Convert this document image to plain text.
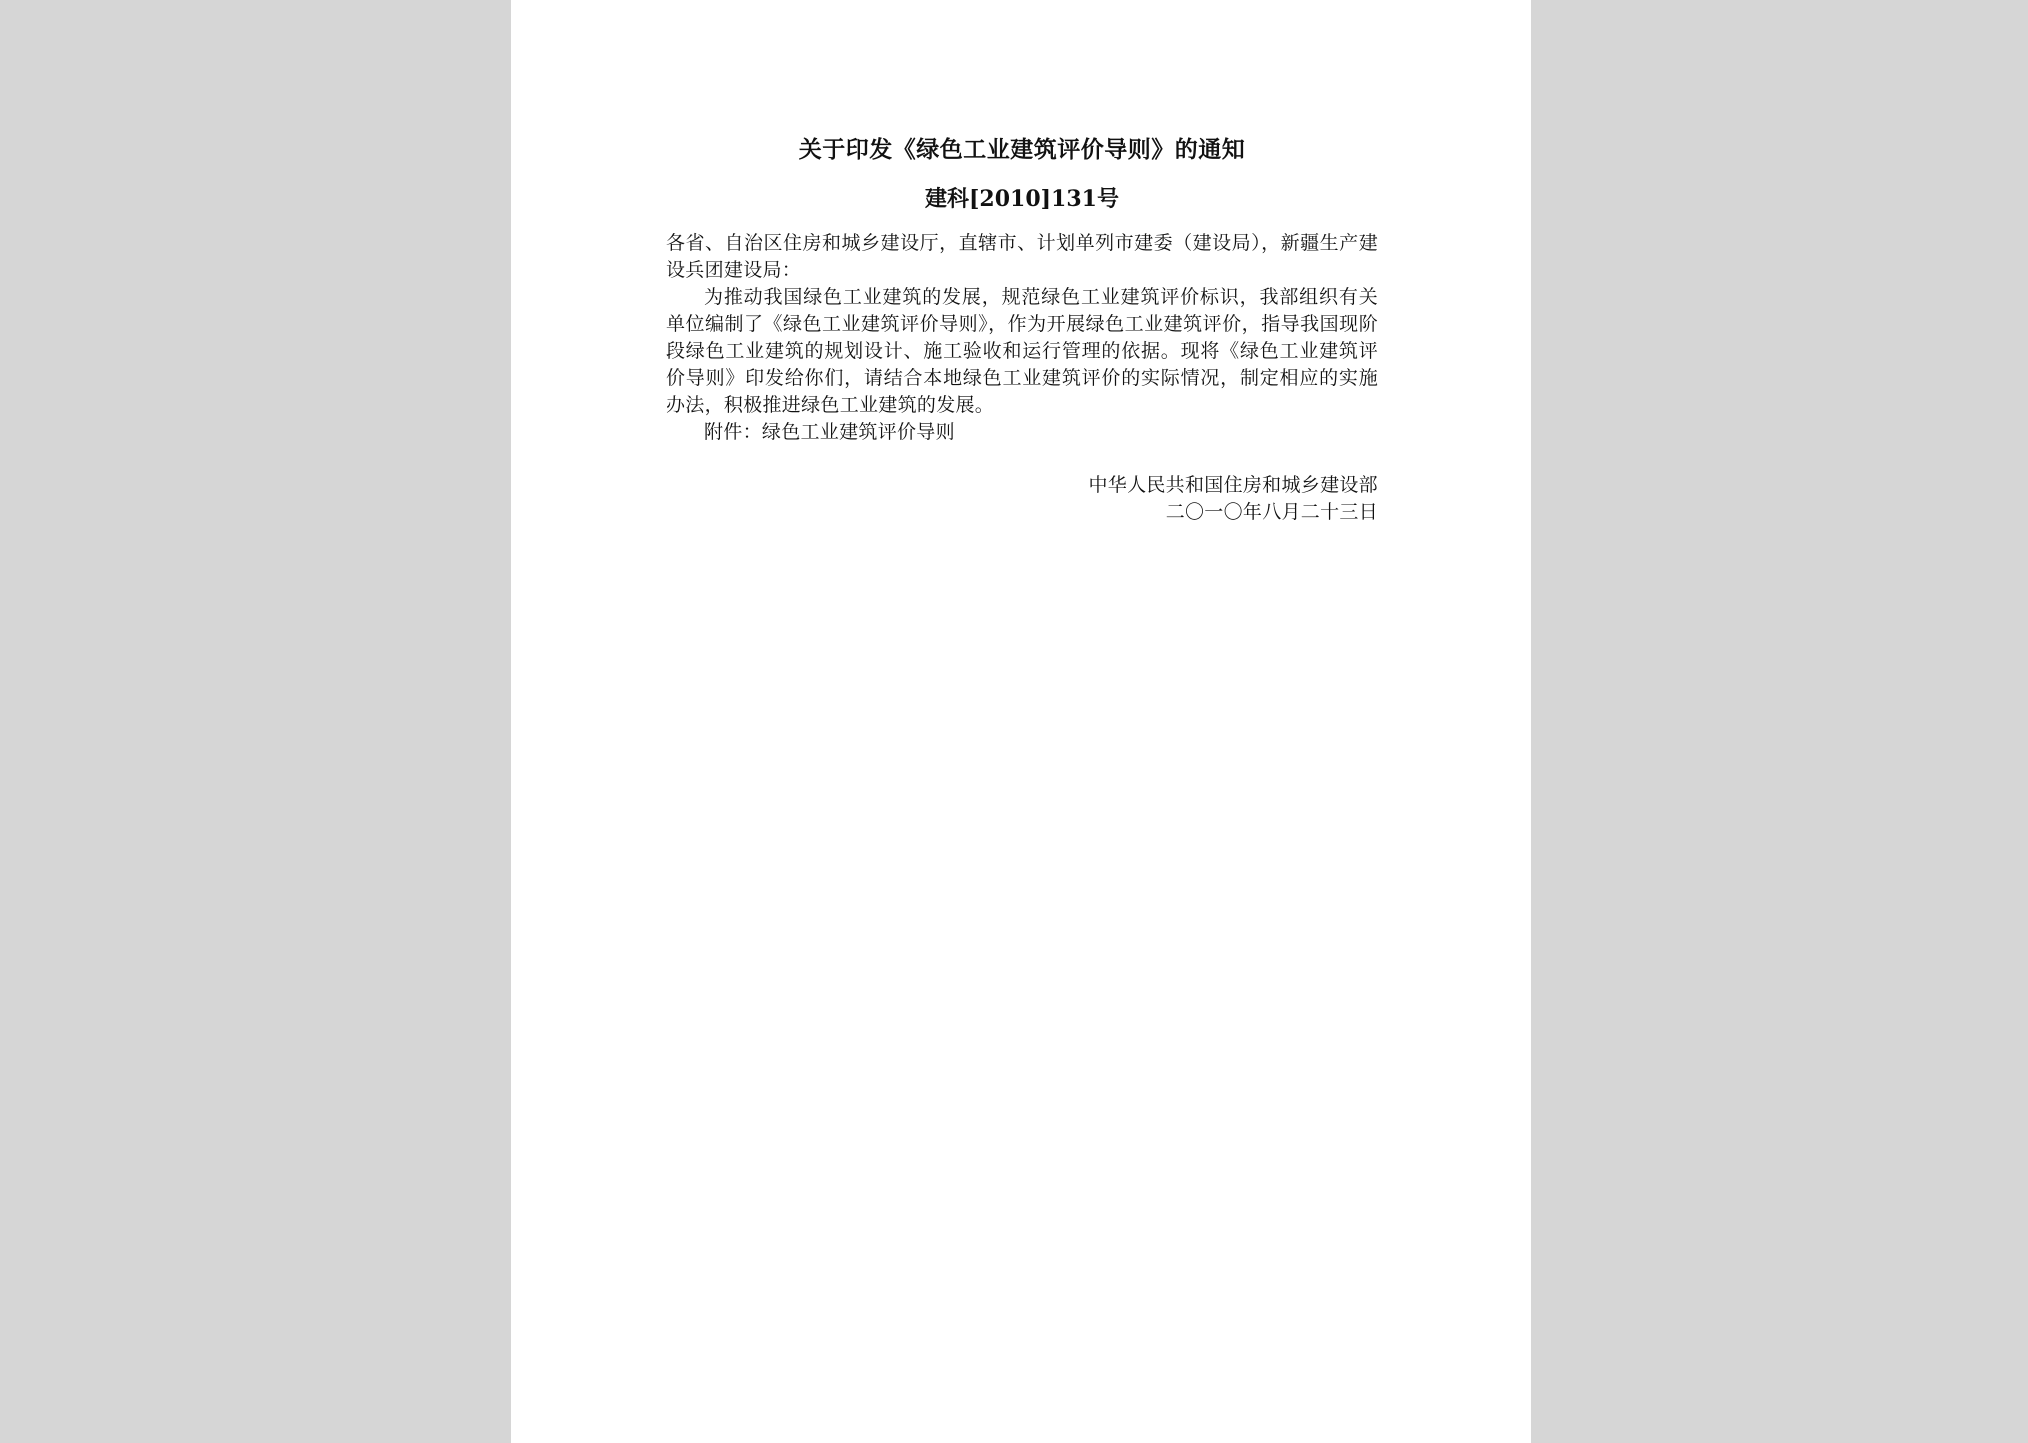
关于印发《绿色工业建筑评价导则》的通知
建科[2010]131号

各省、自治区住房和城乡建设厅，直辖市、计划单列市建委（建设局），新疆生产建设兵团建设局：

为推动我国绿色工业建筑的发展，规范绿色工业建筑评价标识，我部组织有关单位编制了《绿色工业建筑评价导则》，作为开展绿色工业建筑评价，指导我国现阶段绿色工业建筑的规划设计、施工验收和运行管理的依据。现将《绿色工业建筑评价导则》印发给你们，请结合本地绿色工业建筑评价的实际情况，制定相应的实施办法，积极推进绿色工业建筑的发展。

附件：绿色工业建筑评价导则

中华人民共和国住房和城乡建设部
二〇一〇年八月二十三日
